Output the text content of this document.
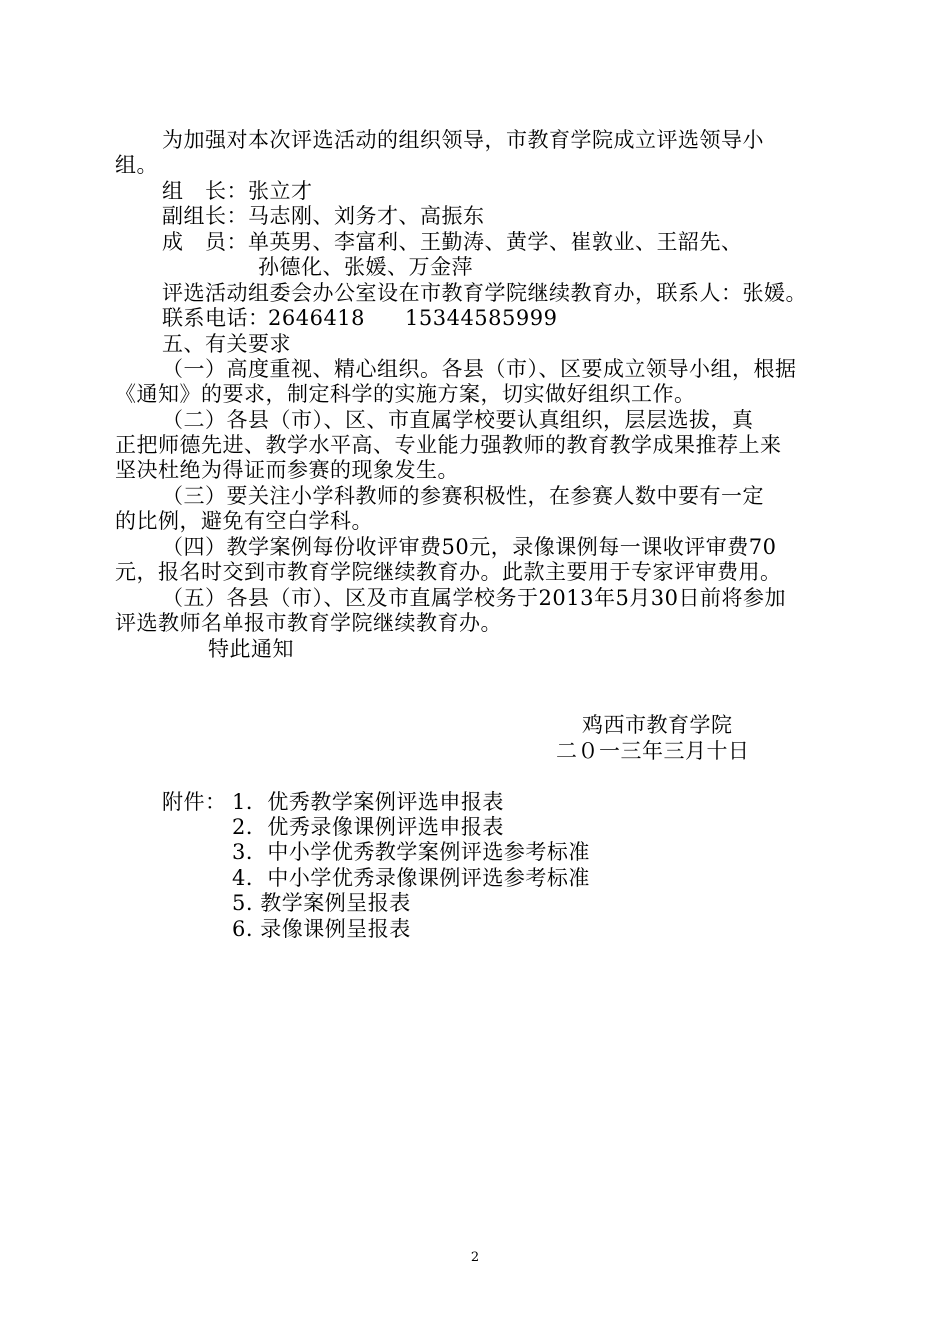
为加强对本次评选活动的组织领导，市教育学院成立评选领导小
组。
组　长：张立才
副组长：马志刚、刘务才、高振东
成　员：单英男、李富利、王勤涛、黄学、崔敦业、王韶先、
孙德化、张媛、万金萍
评选活动组委会办公室设在市教育学院继续教育办，联系人：张媛。
联系电话：
2646418 15344585999
五、有关要求
（一）高度重视、精心组织。各县（市）、区要成立领导小组，根据
《通知》的要求，制定科学的实施方案，切实做好组织工作。
（二）各县（市）、区、市直属学校要认真组织，层层选拔，真
正把师德先进、教学水平高、专业能力强教师的教育教学成果推荐上来
坚决杜绝为得证而参赛的现象发生。
（三）要关注小学科教师的参赛积极性，在参赛人数中要有一定
的比例，避免有空白学科。
（四）教学案例每份收评审费50元，录像课例每一课收评审费70
元，报名时交到市教育学院继续教育办。此款主要用于专家评审费用。
（五）各县（市）、区及市直属学校务于2013年5月30日前将参加
评选教师名单报市教育学院继续教育办。
特此通知
鸡西市教育学院
二０一三年三月十日
附件： 1．优秀教学案例评选申报表
2．优秀录像课例评选申报表
3．中小学优秀教学案例评选参考标准
4．中小学优秀录像课例评选参考标准
5. 教学案例呈报表
6. 录像课例呈报表
2
